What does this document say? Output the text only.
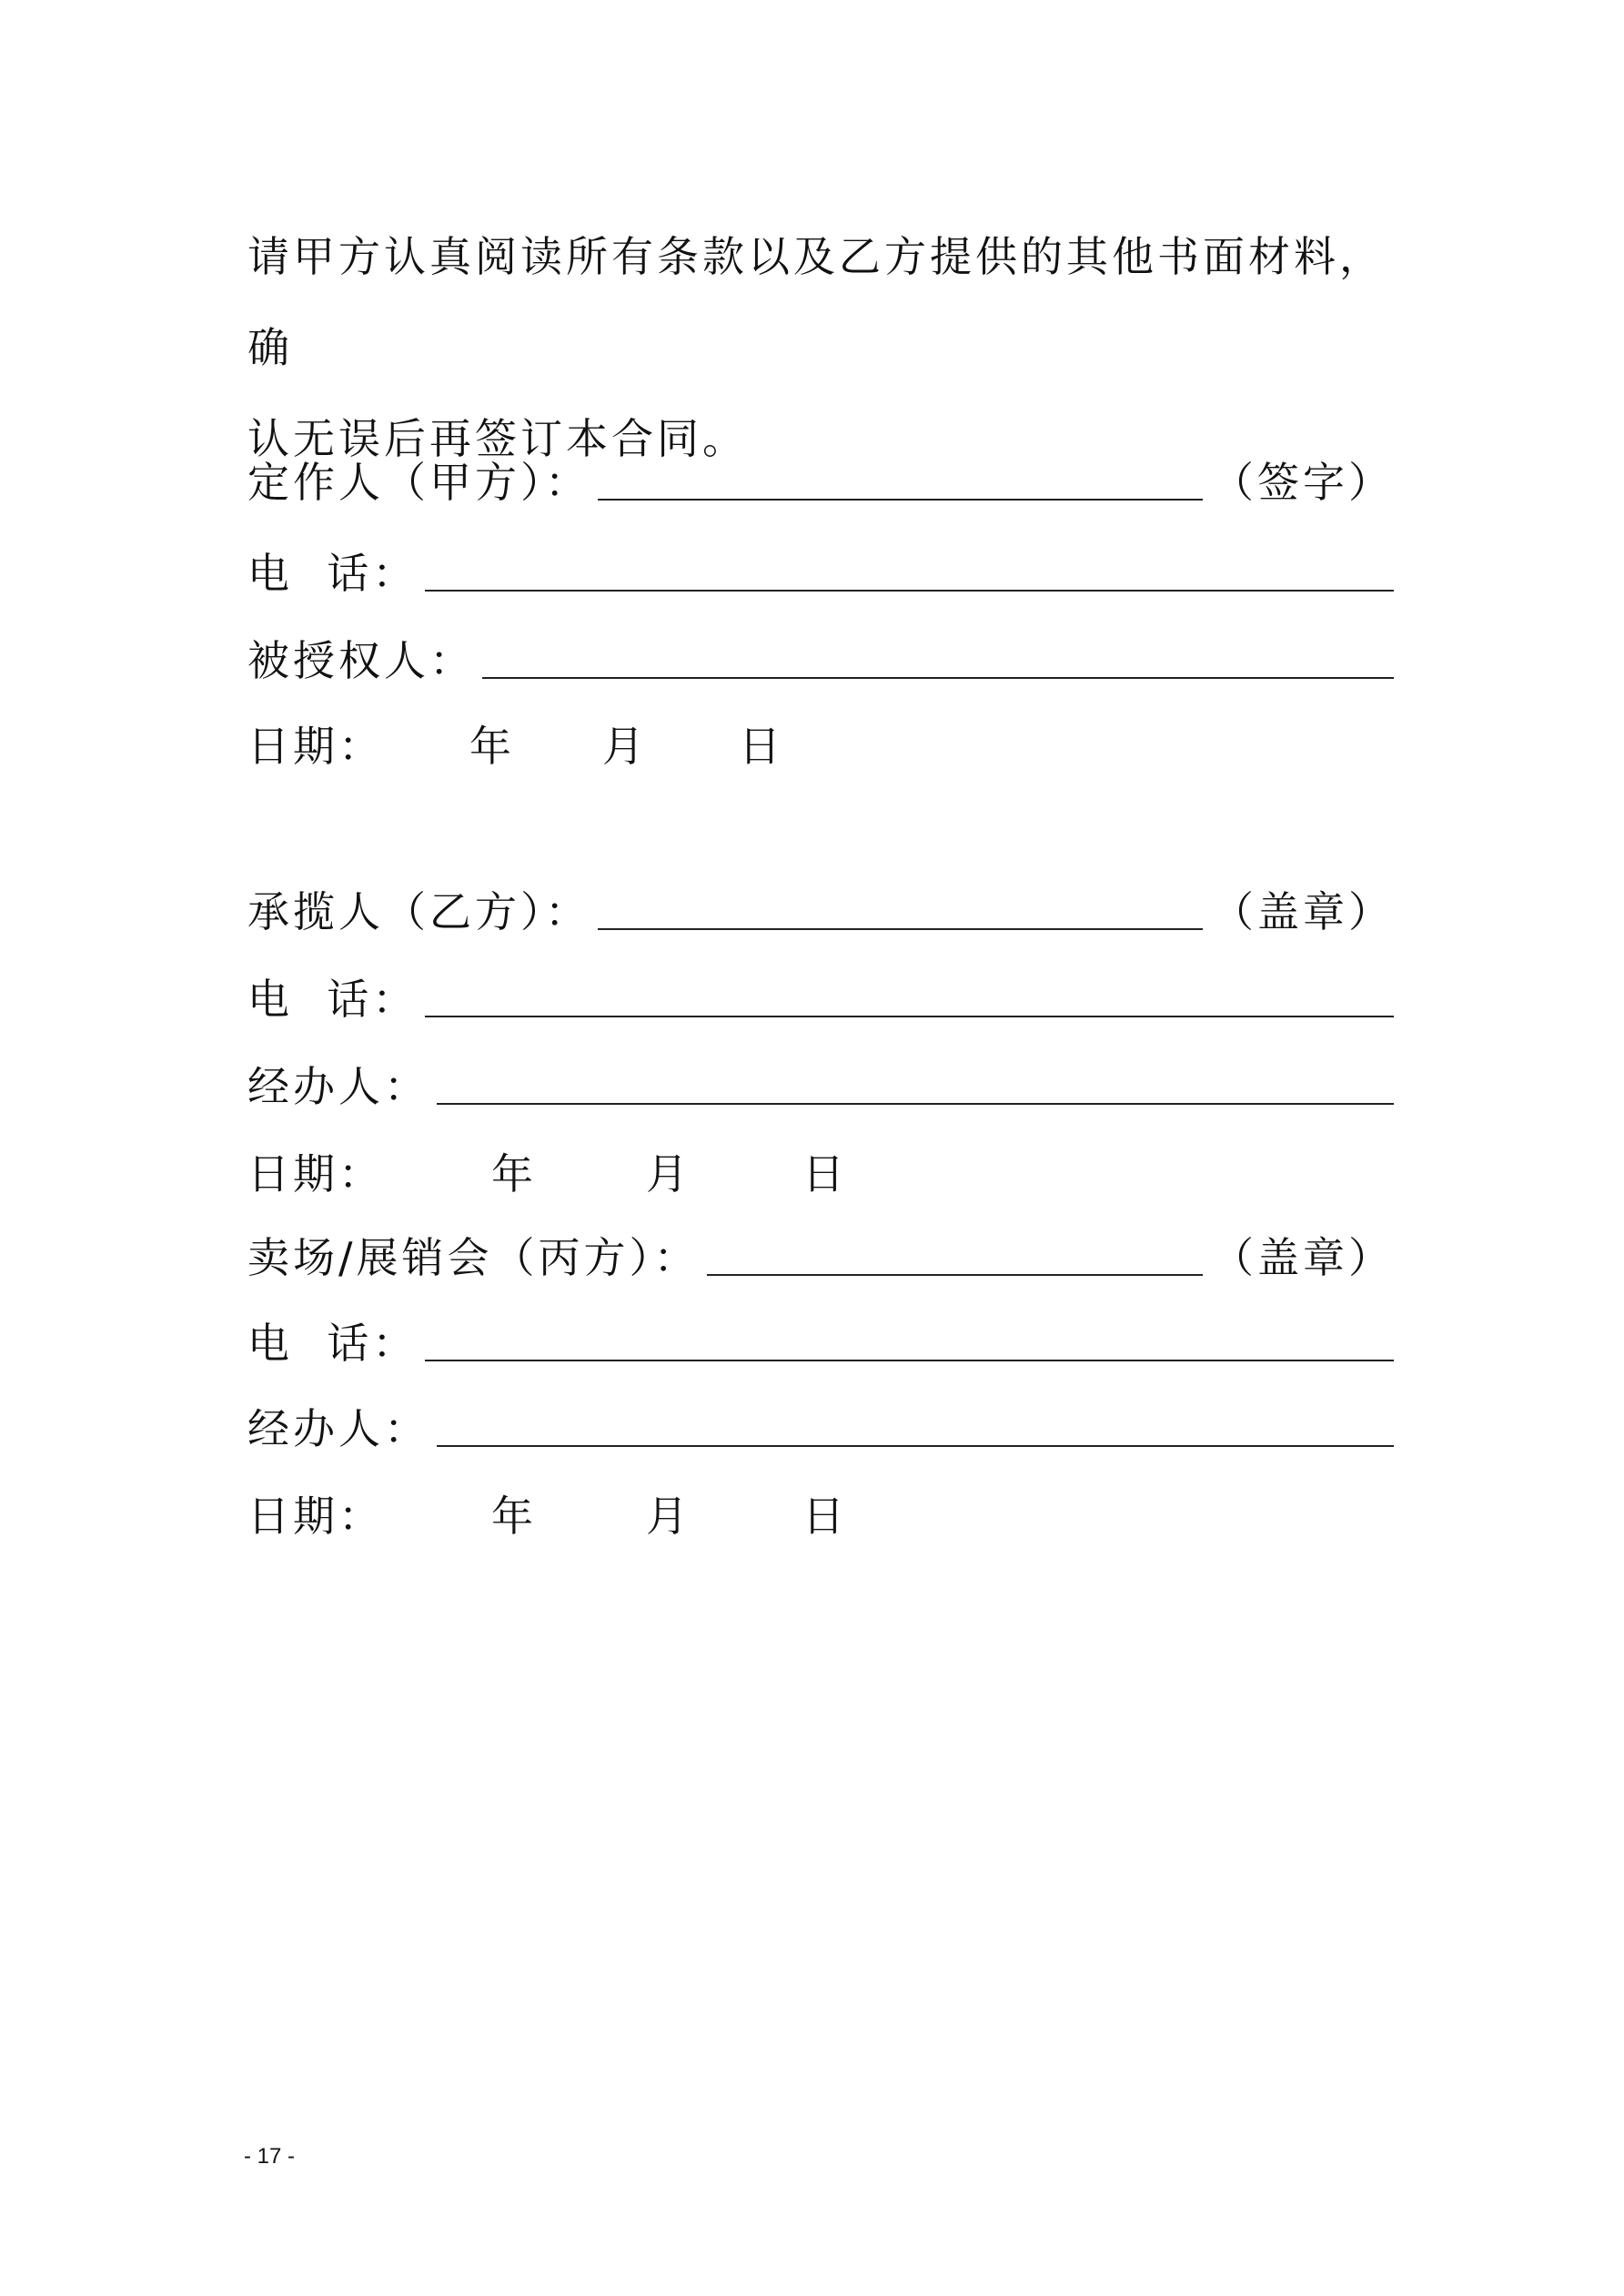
请甲方认真阅读所有条款以及乙方提供的其他书面材料，确
认无误后再签订本合同。
定作人（甲方）：	（签字）
电  话：
被授权人：
日期： 年 月 日
承揽人（乙方）：	（盖章）
电  话：
经办人：
日期：	年	月	日
卖场/展销会（丙方）：	（盖章）
电  话：
经办人：
日期：	年	月	日
- 17 -
